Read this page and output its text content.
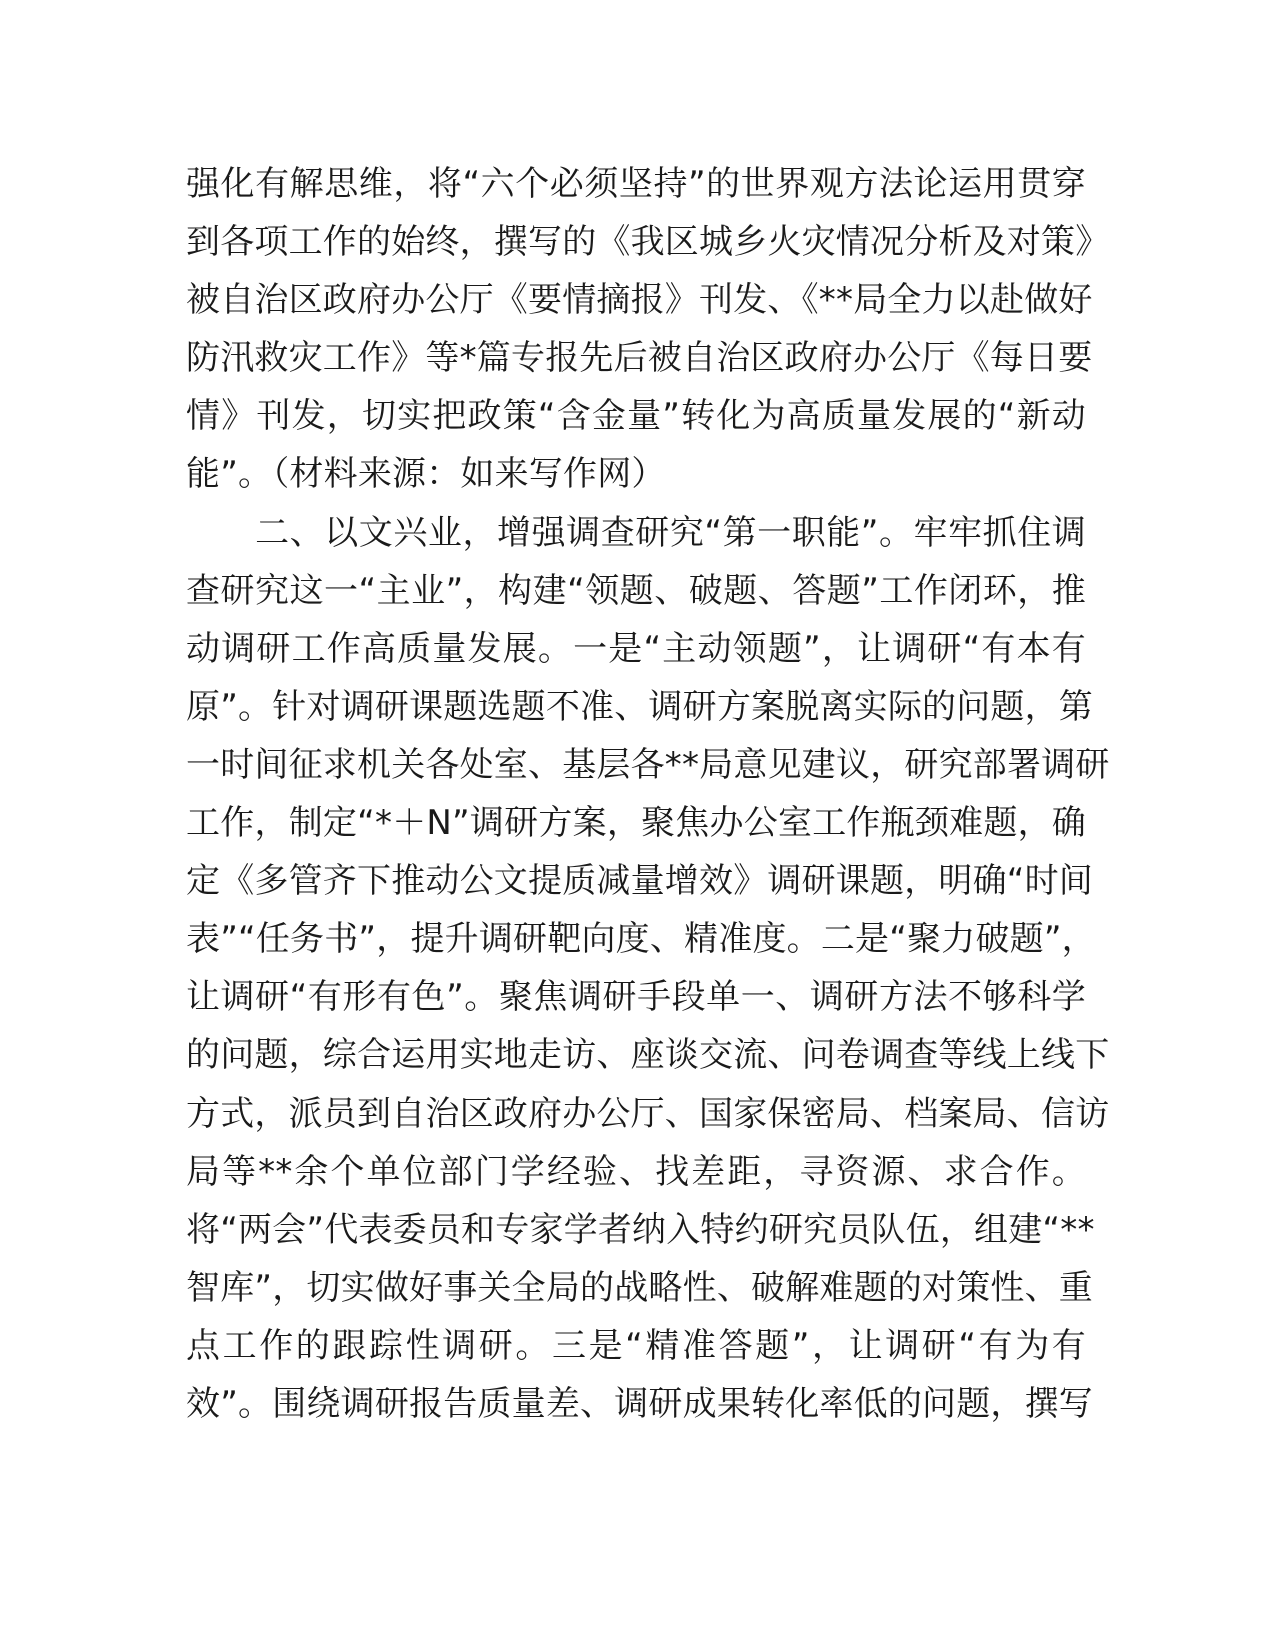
强化有解思维，将“六个必须坚持”的世界观方法论运用贯穿
到各项工作的始终，撰写的《我区城乡火灾情况分析及对策》
被自治区政府办公厅《要情摘报》刊发、《**局全力以赴做好
防汛救灾工作》等*篇专报先后被自治区政府办公厅《每日要
情》刊发，切实把政策“含金量”转化为高质量发展的“新动
能”。（材料来源：如来写作网）
　　二、以文兴业，增强调查研究“第一职能”。牢牢抓住调
查研究这一“主业”，构建“领题、破题、答题”工作闭环，推
动调研工作高质量发展。一是“主动领题”，让调研“有本有
原”。针对调研课题选题不准、调研方案脱离实际的问题，第
一时间征求机关各处室、基层各**局意见建议，研究部署调研
工作，制定“*＋N”调研方案，聚焦办公室工作瓶颈难题，确
定《多管齐下推动公文提质减量增效》调研课题，明确“时间
表”“任务书”，提升调研靶向度、精准度。二是“聚力破题”，
让调研“有形有色”。聚焦调研手段单一、调研方法不够科学
的问题，综合运用实地走访、座谈交流、问卷调查等线上线下
方式，派员到自治区政府办公厅、国家保密局、档案局、信访
局等**余个单位部门学经验、找差距，寻资源、求合作。
将“两会”代表委员和专家学者纳入特约研究员队伍，组建“**
智库”，切实做好事关全局的战略性、破解难题的对策性、重
点工作的跟踪性调研。三是“精准答题”，让调研“有为有
效”。围绕调研报告质量差、调研成果转化率低的问题，撰写
